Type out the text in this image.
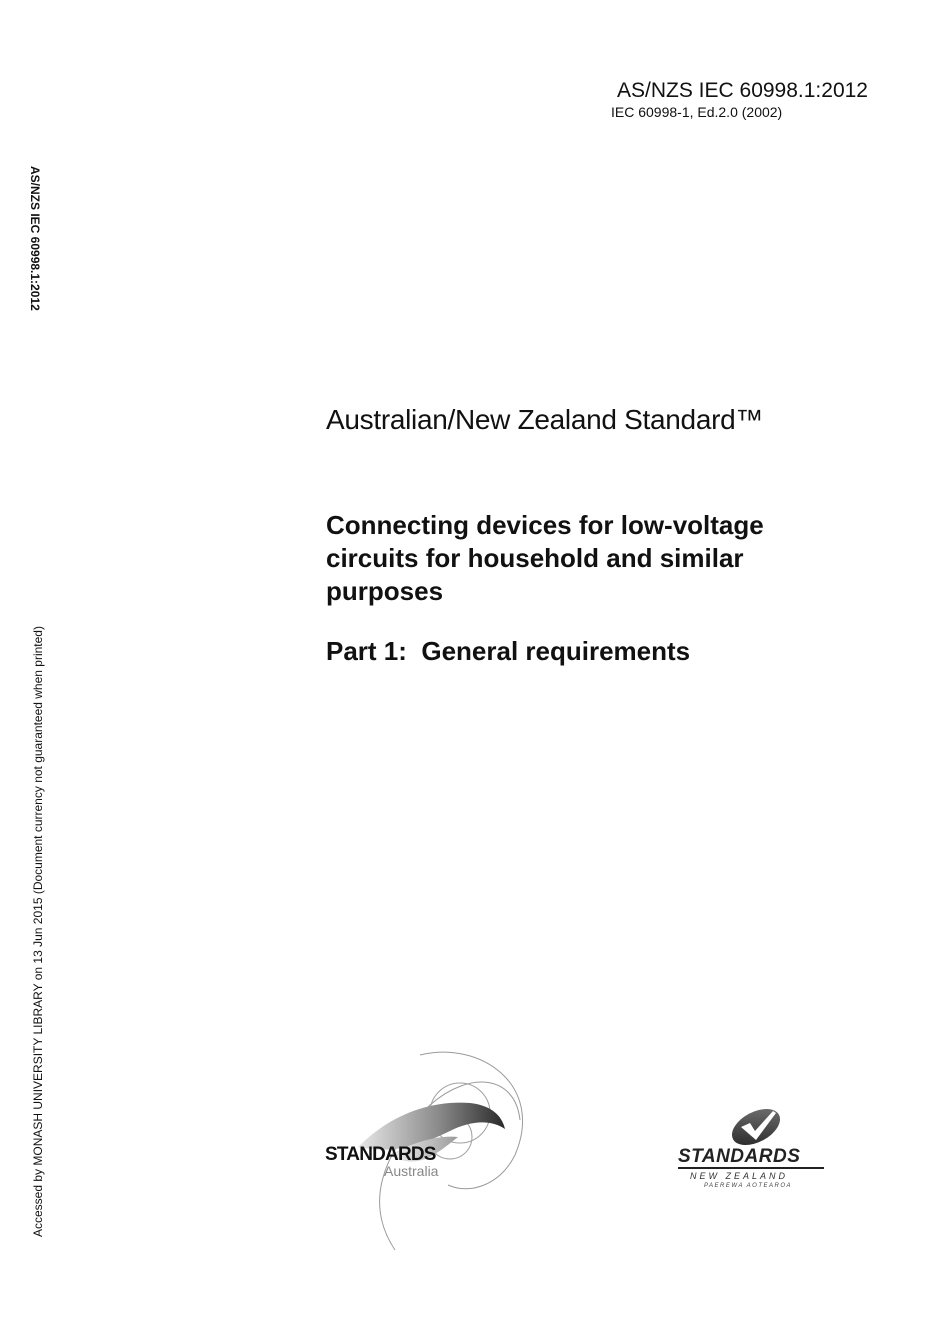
AS/NZS IEC 60998.1:2012
IEC 60998-1, Ed.2.0 (2002)
AS/NZS IEC 60998.1:2012
Accessed by MONASH UNIVERSITY LIBRARY on 13 Jun 2015 (Document currency not guaranteed when printed)
Australian/New Zealand Standard™
Connecting devices for low-voltage circuits for household and similar purposes
Part 1:  General requirements
STANDARDS
Australia
STANDARDS
NEW ZEALAND
PAEREWA AOTEAROA
